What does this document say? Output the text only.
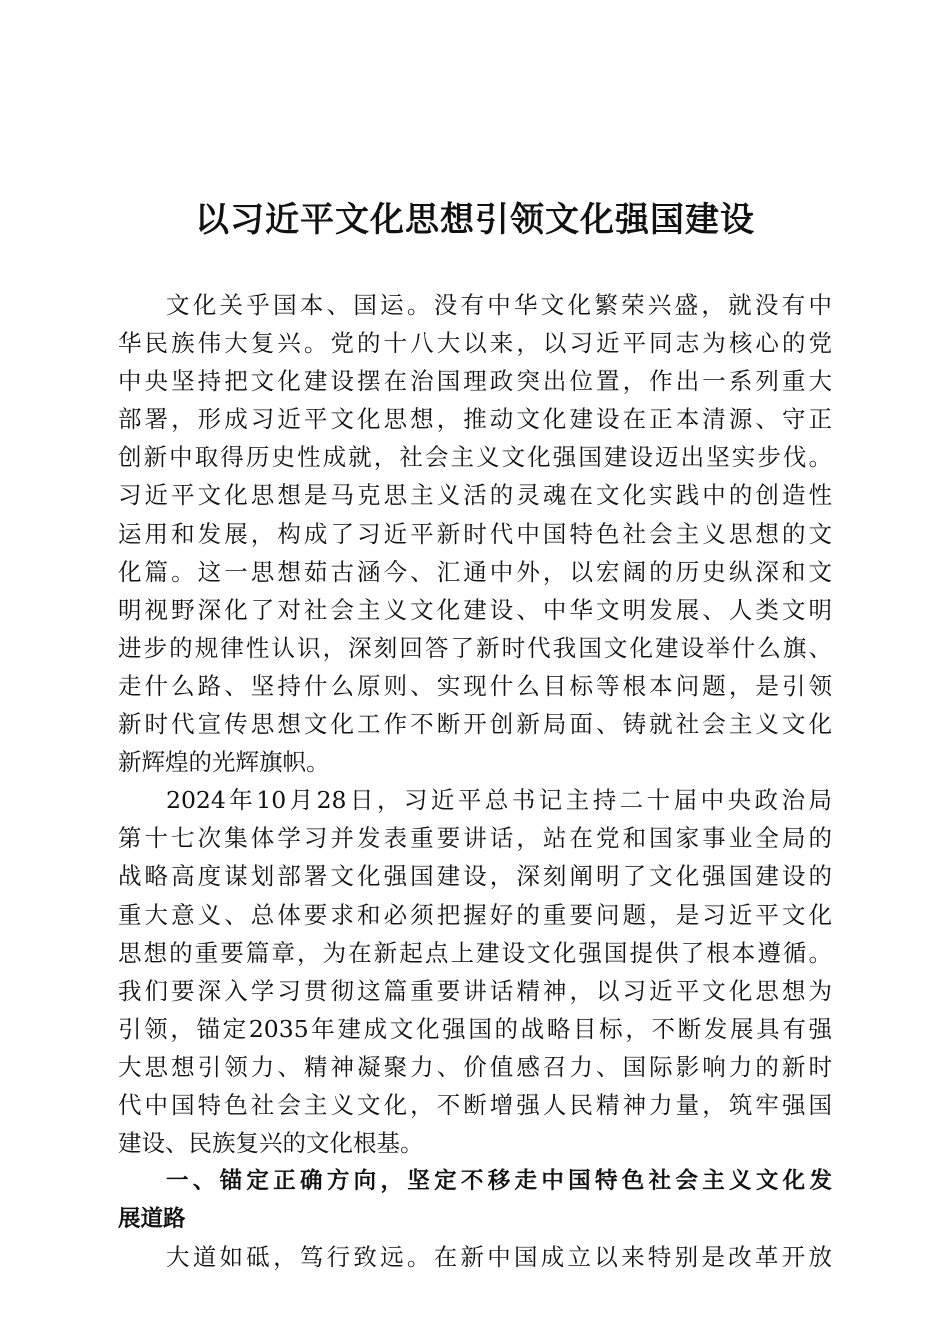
以习近平文化思想引领文化强国建设
文化关乎国本、国运。没有中华文化繁荣兴盛，就没有中
华民族伟大复兴。党的十八大以来，以习近平同志为核心的党
中央坚持把文化建设摆在治国理政突出位置，作出一系列重大
部署，形成习近平文化思想，推动文化建设在正本清源、守正
创新中取得历史性成就，社会主义文化强国建设迈出坚实步伐。
习近平文化思想是马克思主义活的灵魂在文化实践中的创造性
运用和发展，构成了习近平新时代中国特色社会主义思想的文
化篇。这一思想茹古涵今、汇通中外，以宏阔的历史纵深和文
明视野深化了对社会主义文化建设、中华文明发展、人类文明
进步的规律性认识，深刻回答了新时代我国文化建设举什么旗、
走什么路、坚持什么原则、实现什么目标等根本问题，是引领
新时代宣传思想文化工作不断开创新局面、铸就社会主义文化
新辉煌的光辉旗帜。
2024年10月28日，习近平总书记主持二十届中央政治局
第十七次集体学习并发表重要讲话，站在党和国家事业全局的
战略高度谋划部署文化强国建设，深刻阐明了文化强国建设的
重大意义、总体要求和必须把握好的重要问题，是习近平文化
思想的重要篇章，为在新起点上建设文化强国提供了根本遵循。
我们要深入学习贯彻这篇重要讲话精神，以习近平文化思想为
引领，锚定2035年建成文化强国的战略目标，不断发展具有强
大思想引领力、精神凝聚力、价值感召力、国际影响力的新时
代中国特色社会主义文化，不断增强人民精神力量，筑牢强国
建设、民族复兴的文化根基。
一、锚定正确方向，坚定不移走中国特色社会主义文化发
展道路
大道如砥，笃行致远。在新中国成立以来特别是改革开放
